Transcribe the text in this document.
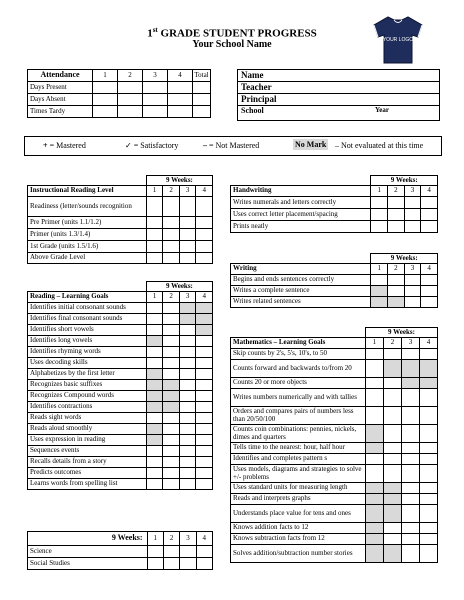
1st GRADE STUDENT PROGRESS
Your School Name	YOUR LOGO
Attendance	1	2	3	4	Total
Days Present					
Days Absent					
Times Tardy					
Name
Teacher
Principal
School	Year
+ = Mastered	✓ = Satisfactory	– = Not Mastered	No Mark – Not evaluated at this time
	9 Weeks:			
Instructional Reading Level	1	2	3	4
Readiness (letter/sounds recognition				
Pre Primer (units 1.1/1.2)				
Primer (units 1.3/1.4)				
1st Grade (units 1.5/1.6)				
Above Grade Level				
	9 Weeks:			
Handwriting	1	2	3	4
Writes numerals and letters correctly				
Uses correct letter placement/spacing				
Prints neatly				
	9 Weeks:			
Writing	1	2	3	4
Begins and ends sentences correctly				
Writes a complete sentence				
Writes related sentences				
	9 Weeks:			
Reading – Learning Goals	1	2	3	4
Identifies initial consonant sounds				
Identifies final consonant sounds				
Identifies short vowels				
Identifies long vowels				
Identifies rhyming words				
Uses decoding skills				
Alphabetizes by the first letter				
Recognizes basic suffixes				
Recognizes Compound words				
Identifies contractions				
Reads sight words				
Reads aloud smoothly				
Uses expression in reading				
Sequences events				
Recalls details from a story				
Predicts outcomes				
Learns words from spelling list				
	9 Weeks:			
Mathematics – Learning Goals	1	2	3	4
Skip counts by 2's, 5's, 10's, to 50				
Counts forward and backwards to/from 20				
Counts 20 or more objects				
Writes numbers numerically and with tallies				
Orders and compares pairs of numbers less than 20/50/100				
Counts coin combinations: pennies, nickels, dimes and quarters				
Tells time to the nearest: hour, half hour				
Identifies and completes pattern s				
Uses models, diagrams and strategies to solve +/- problems				
Uses standard units for measuring length				
Reads and interprets graphs				
Understands place value for tens and ones				
Knows addition facts to 12				
Knows subtraction facts from 12				
Solves addition/subtraction number stories				
9 Weeks:	1	2	3	4
Science				
Social Studies				
